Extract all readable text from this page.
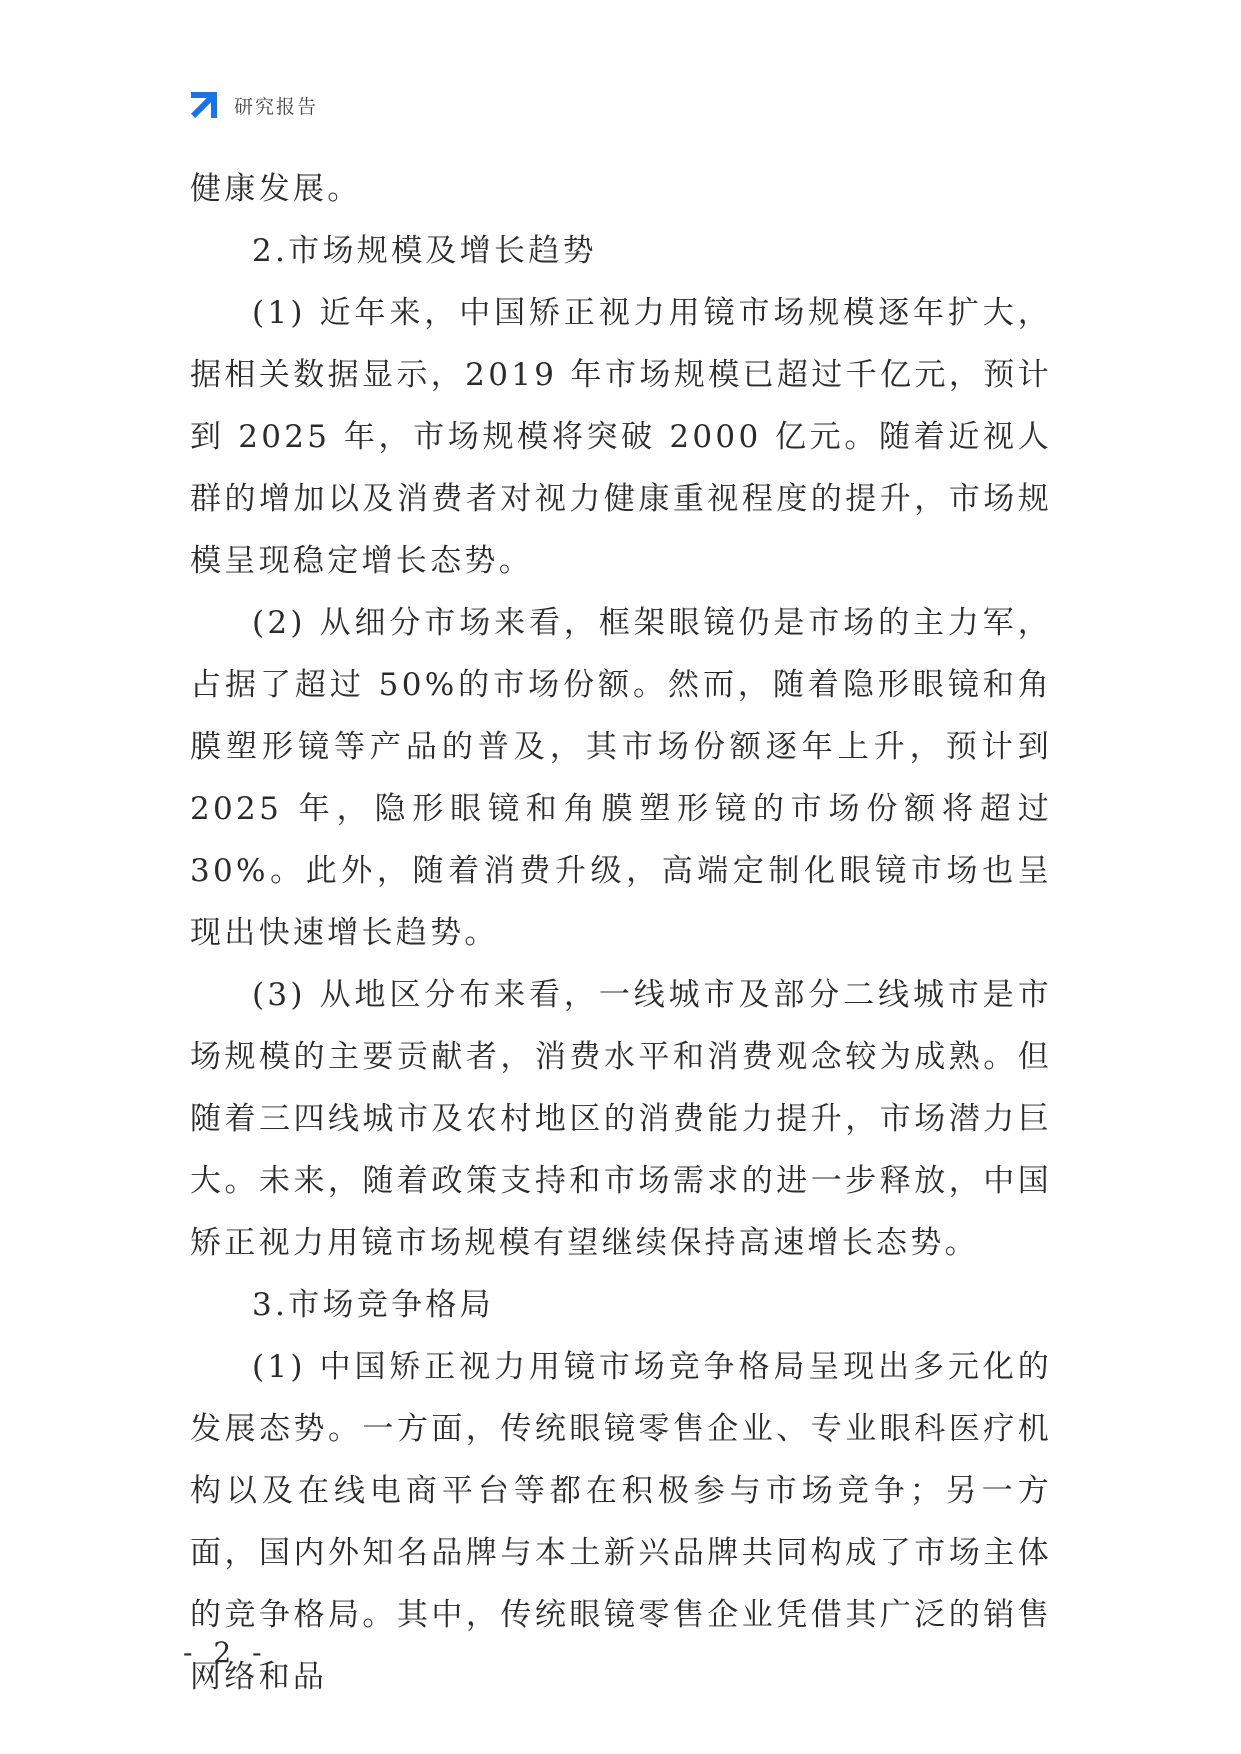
研究报告

健康发展。

2.市场规模及增长趋势

(1) 近年来，中国矫正视力用镜市场规模逐年扩大，据相关数据显示，2019 年市场规模已超过千亿元，预计到 2025 年，市场规模将突破 2000 亿元。随着近视人群的增加以及消费者对视力健康重视程度的提升，市场规模呈现稳定增长态势。

(2) 从细分市场来看，框架眼镜仍是市场的主力军，占据了超过 50%的市场份额。然而，随着隐形眼镜和角膜塑形镜等产品的普及，其市场份额逐年上升，预计到 2025 年，隐形眼镜和角膜塑形镜的市场份额将超过 30%。此外，随着消费升级，高端定制化眼镜市场也呈现出快速增长趋势。

(3) 从地区分布来看，一线城市及部分二线城市是市场规模的主要贡献者，消费水平和消费观念较为成熟。但随着三四线城市及农村地区的消费能力提升，市场潜力巨大。未来，随着政策支持和市场需求的进一步释放，中国矫正视力用镜市场规模有望继续保持高速增长态势。

3.市场竞争格局

(1) 中国矫正视力用镜市场竞争格局呈现出多元化的发展态势。一方面，传统眼镜零售企业、专业眼科医疗机构以及在线电商平台等都在积极参与市场竞争；另一方面，国内外知名品牌与本土新兴品牌共同构成了市场主体的竞争格局。其中，传统眼镜零售企业凭借其广泛的销售网络和品

- 2 -
